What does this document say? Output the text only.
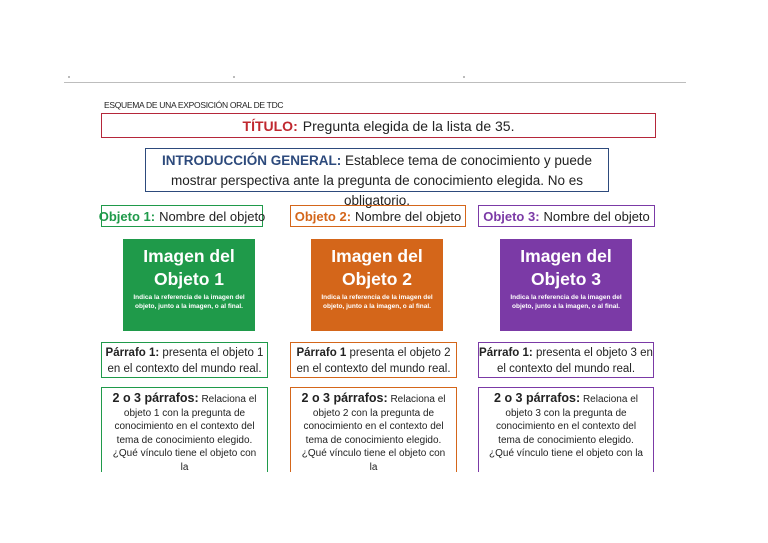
ESQUEMA DE UNA EXPOSICIÓN ORAL DE TDC
TÍTULO: Pregunta elegida de la lista de 35.
INTRODUCCIÓN GENERAL: Establece tema de conocimiento y puede mostrar perspectiva ante la pregunta de conocimiento elegida. No es obligatorio.
Objeto 1: Nombre del objeto
Imagen del
Objeto 1
Indica la referencia de la imagen del objeto, junto a la imagen, o al final.
Párrafo 1: presenta el objeto 1 en el contexto del mundo real.
2 o 3 párrafos: Relaciona el objeto 1 con la pregunta de conocimiento en el contexto del tema de conocimiento elegido. ¿Qué vínculo tiene el objeto con la
Objeto 2: Nombre del objeto
Imagen del
Objeto 2
Indica la referencia de la imagen del objeto, junto a la imagen, o al final.
Párrafo 1 presenta el objeto 2 en el contexto del mundo real.
2 o 3 párrafos: Relaciona el objeto 2 con la pregunta de conocimiento en el contexto del tema de conocimiento elegido. ¿Qué vínculo tiene el objeto con la
Objeto 3: Nombre del objeto
Imagen del
Objeto 3
Indica la referencia de la imagen del objeto, junto a la imagen, o al final.
Párrafo 1: presenta el objeto 3 en el contexto del mundo real.
2 o 3 párrafos: Relaciona el objeto 3 con la pregunta de conocimiento en el contexto del tema de conocimiento elegido. ¿Qué vínculo tiene el objeto con la
